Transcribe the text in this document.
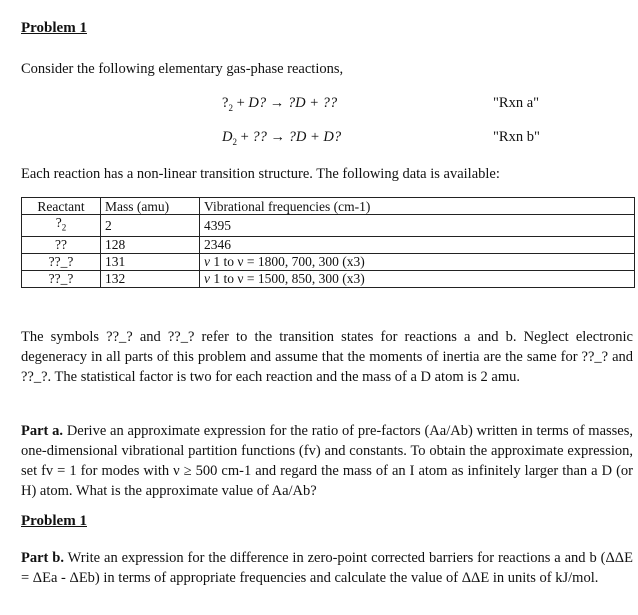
Problem 1
Consider the following elementary gas-phase reactions,
$?_2 + D$? → ?D + ??	"Rxn a"
$D_2$ + ?? → ?D + D?	"Rxn b"
Each reaction has a non-linear transition structure. The following data is available:
Reactant	Mass (amu)	Vibrational frequencies (cm-1)
$?_2$	2	4395
??	128	2346
??_?	131	ν 1 to ν = 1800, 700, 300 (x3)
??_?	132	ν 1 to ν = 1500, 850, 300 (x3)
The symbols ??_? and ??_? refer to the transition states for reactions a and b. Neglect electronic degeneracy in all parts of this problem and assume that the moments of inertia are the same for ??_? and ??_?. The statistical factor is two for each reaction and the mass of a D atom is 2 amu.
Part a. Derive an approximate expression for the ratio of pre-factors (Aa/Ab) written in terms of masses, one-dimensional vibrational partition functions (fv) and constants. To obtain the approximate expression, set fv = 1 for modes with ν ≥ 500 cm-1 and regard the mass of an I atom as infinitely larger than a D (or H) atom. What is the approximate value of Aa/Ab?
Problem 1
Part b. Write an expression for the difference in zero-point corrected barriers for reactions a and b (ΔΔE = ΔEa - ΔEb) in terms of appropriate frequencies and calculate the value of ΔΔE in units of kJ/mol.
